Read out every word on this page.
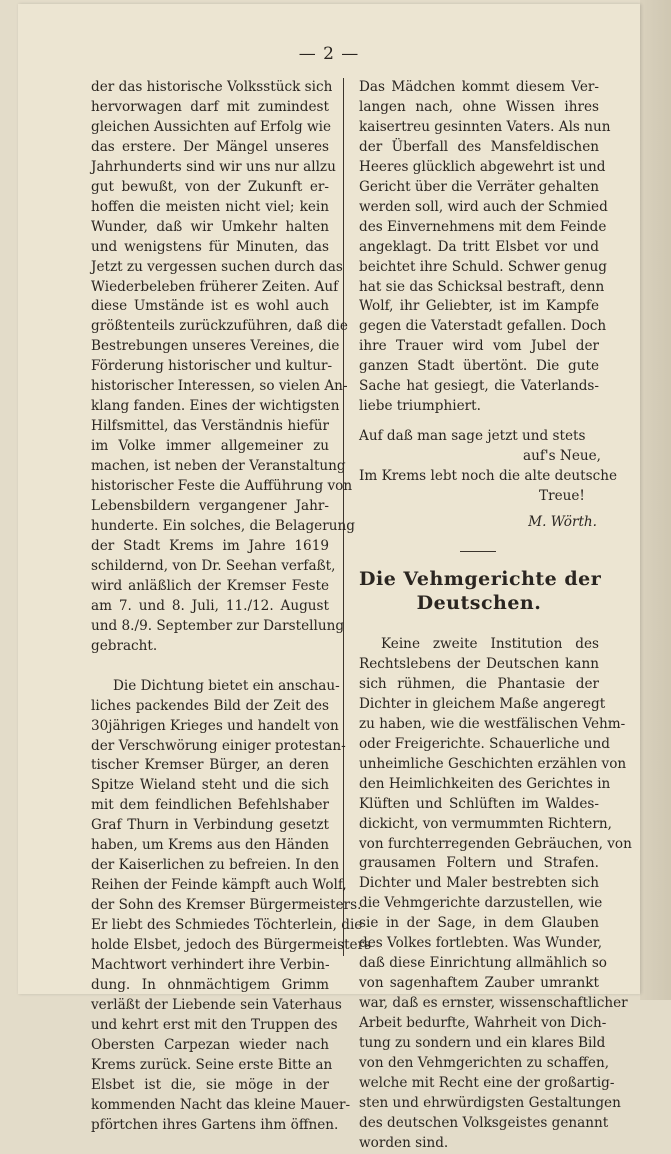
— 2 —
der das historische Volksstück sich
hervorwagen darf mit zumindest
gleichen Aussichten auf Erfolg wie
das erstere. Der Mängel unseres
Jahrhunderts sind wir uns nur allzu
gut bewußt, von der Zukunft er-
hoffen die meisten nicht viel; kein
Wunder, daß wir Umkehr halten
und wenigstens für Minuten, das
Jetzt zu vergessen suchen durch das
Wiederbeleben früherer Zeiten. Auf
diese Umstände ist es wohl auch
größtenteils zurückzuführen, daß die
Bestrebungen unseres Vereines, die
Förderung historischer und kultur-
historischer Interessen, so vielen An-
klang fanden. Eines der wichtigsten
Hilfsmittel, das Verständnis hiefür
im Volke immer allgemeiner zu
machen, ist neben der Veranstaltung
historischer Feste die Aufführung von
Lebensbildern vergangener Jahr-
hunderte. Ein solches, die Belagerung
der Stadt Krems im Jahre 1619
schildernd, von Dr. Seehan verfaßt,
wird anläßlich der Kremser Feste
am 7. und 8. Juli, 11./12. August
und 8./9. September zur Darstellung
gebracht.
Die Dichtung bietet ein anschau-
liches packendes Bild der Zeit des
30jährigen Krieges und handelt von
der Verschwörung einiger protestan-
tischer Kremser Bürger, an deren
Spitze Wieland steht und die sich
mit dem feindlichen Befehlshaber
Graf Thurn in Verbindung gesetzt
haben, um Krems aus den Händen
der Kaiserlichen zu befreien. In den
Reihen der Feinde kämpft auch Wolf,
der Sohn des Kremser Bürgermeisters.
Er liebt des Schmiedes Töchterlein, die
holde Elsbet, jedoch des Bürgermeisters
Machtwort verhindert ihre Verbin-
dung. In ohnmächtigem Grimm
verläßt der Liebende sein Vaterhaus
und kehrt erst mit den Truppen des
Obersten Carpezan wieder nach
Krems zurück. Seine erste Bitte an
Elsbet ist die, sie möge in der
kommenden Nacht das kleine Mauer-
pförtchen ihres Gartens ihm öffnen.
Das Mädchen kommt diesem Ver-
langen nach, ohne Wissen ihres
kaisertreu gesinnten Vaters. Als nun
der Überfall des Mansfeldischen
Heeres glücklich abgewehrt ist und
Gericht über die Verräter gehalten
werden soll, wird auch der Schmied
des Einvernehmens mit dem Feinde
angeklagt. Da tritt Elsbet vor und
beichtet ihre Schuld. Schwer genug
hat sie das Schicksal bestraft, denn
Wolf, ihr Geliebter, ist im Kampfe
gegen die Vaterstadt gefallen. Doch
ihre Trauer wird vom Jubel der
ganzen Stadt übertönt. Die gute
Sache hat gesiegt, die Vaterlands-
liebe triumphiert.
Auf daß man sage jetzt und stets
auf's Neue,
Im Krems lebt noch die alte deutsche
Treue!
M. Wörth.
Die Vehmgerichte der
Deutschen.
Keine zweite Institution des
Rechtslebens der Deutschen kann
sich rühmen, die Phantasie der
Dichter in gleichem Maße angeregt
zu haben, wie die westfälischen Vehm-
oder Freigerichte. Schauerliche und
unheimliche Geschichten erzählen von
den Heimlichkeiten des Gerichtes in
Klüften und Schlüften im Waldes-
dickicht, von vermummten Richtern,
von furchterregenden Gebräuchen, von
grausamen Foltern und Strafen.
Dichter und Maler bestrebten sich
die Vehmgerichte darzustellen, wie
sie in der Sage, in dem Glauben
des Volkes fortlebten. Was Wunder,
daß diese Einrichtung allmählich so
von sagenhaftem Zauber umrankt
war, daß es ernster, wissenschaftlicher
Arbeit bedurfte, Wahrheit von Dich-
tung zu sondern und ein klares Bild
von den Vehmgerichten zu schaffen,
welche mit Recht eine der großartig-
sten und ehrwürdigsten Gestaltungen
des deutschen Volksgeistes genannt
worden sind.
